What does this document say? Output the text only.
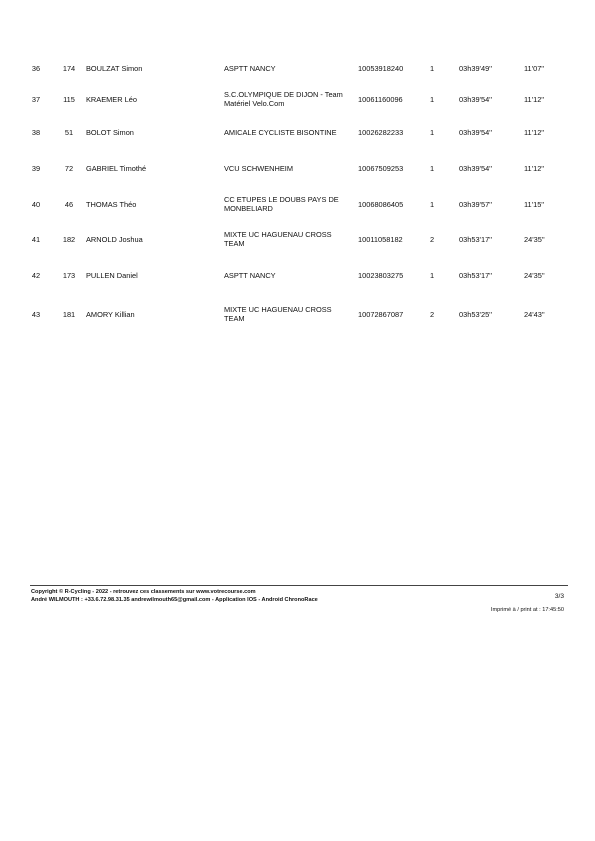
36	174	BOULZAT Simon	ASPTT NANCY	10053918240	1	03h39'49''	11'07''
37	115	KRAEMER Léo	S.C.OLYMPIQUE DE DIJON - Team Matériel Velo.Com	10061160096	1	03h39'54''	11'12''
38	51	BOLOT Simon	AMICALE CYCLISTE BISONTINE	10026282233	1	03h39'54''	11'12''
39	72	GABRIEL Timothé	VCU SCHWENHEIM	10067509253	1	03h39'54''	11'12''
40	46	THOMAS Théo	CC ETUPES LE DOUBS PAYS DE MONBELIARD	10068086405	1	03h39'57''	11'15''
41	182	ARNOLD Joshua	MIXTE UC HAGUENAU CROSS TEAM	10011058182	2	03h53'17''	24'35''
42	173	PULLEN Daniel	ASPTT NANCY	10023803275	1	03h53'17''	24'35''
43	181	AMORY Killian	MIXTE UC HAGUENAU CROSS TEAM	10072867087	2	03h53'25''	24'43''
Copyright © R-Cycling - 2022 - retrouvez ces classements sur www.votrecourse.com
André WILMOUTH : +33.6.72.98.31.35 andrewilmouth65@gmail.com - Application IOS - Android ChronoRace	3/3
Imprimé à / print at : 17:45:50
